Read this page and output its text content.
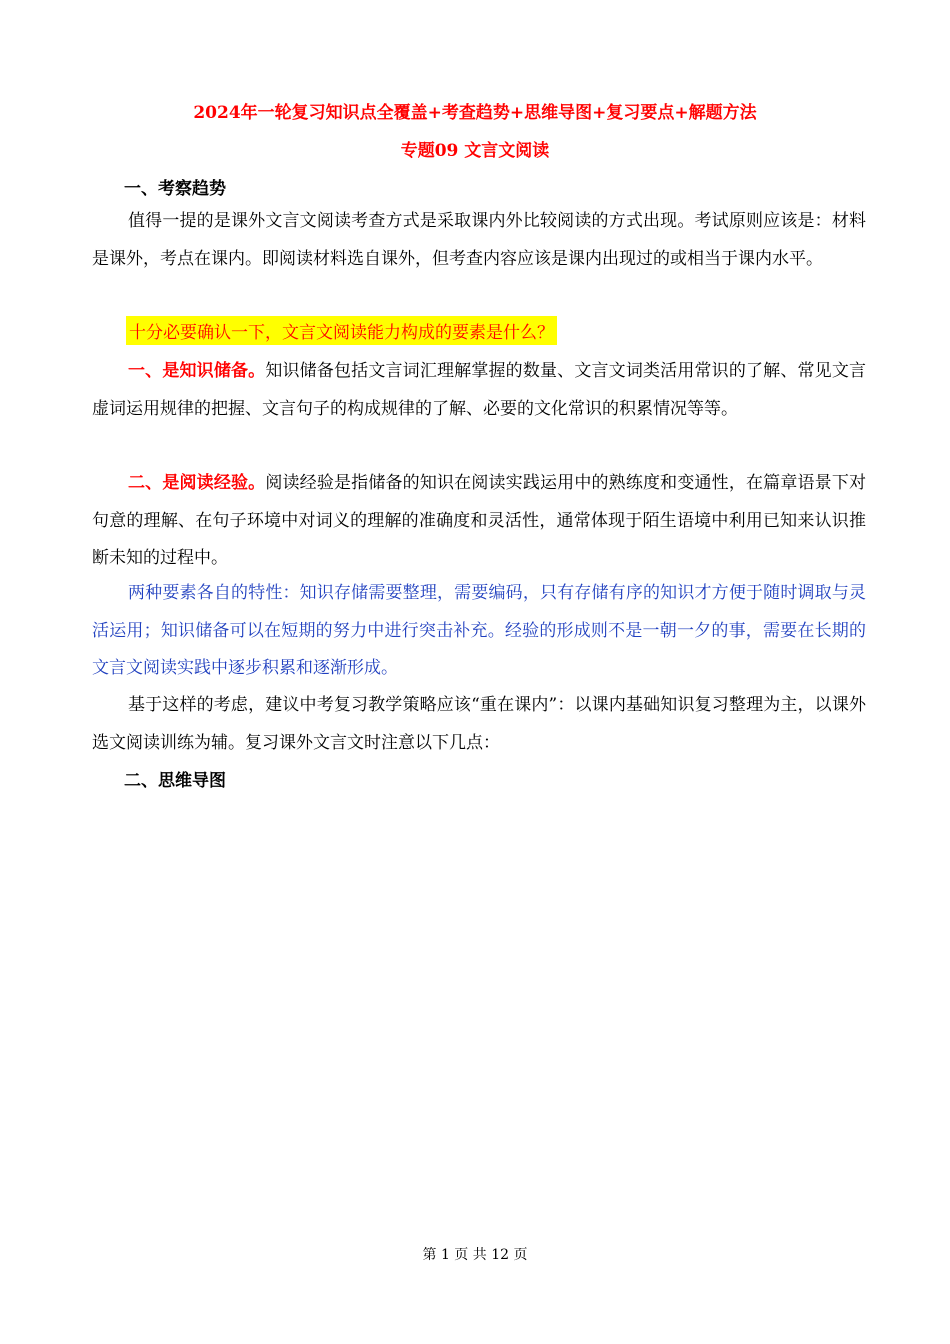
2024年一轮复习知识点全覆盖+考查趋势+思维导图+复习要点+解题方法
专题09 文言文阅读
一、考察趋势

值得一提的是课外文言文阅读考查方式是采取课内外比较阅读的方式出现。考试原则应该是：材料是课外，考点在课内。即阅读材料选自课外，但考查内容应该是课内出现过的或相当于课内水平。

十分必要确认一下，文言文阅读能力构成的要素是什么？

一、是知识储备。知识储备包括文言词汇理解掌握的数量、文言文词类活用常识的了解、常见文言虚词运用规律的把握、文言句子的构成规律的了解、必要的文化常识的积累情况等等。

二、是阅读经验。阅读经验是指储备的知识在阅读实践运用中的熟练度和变通性，在篇章语景下对句意的理解、在句子环境中对词义的理解的准确度和灵活性，通常体现于陌生语境中利用已知来认识推断未知的过程中。

两种要素各自的特性：知识存储需要整理，需要编码，只有存储有序的知识才方便于随时调取与灵活运用；知识储备可以在短期的努力中进行突击补充。经验的形成则不是一朝一夕的事，需要在长期的文言文阅读实践中逐步积累和逐渐形成。

基于这样的考虑，建议中考复习教学策略应该“重在课内”：以课内基础知识复习整理为主，以课外选文阅读训练为辅。复习课外文言文时注意以下几点：

二、思维导图
第 1 页 共 12 页
